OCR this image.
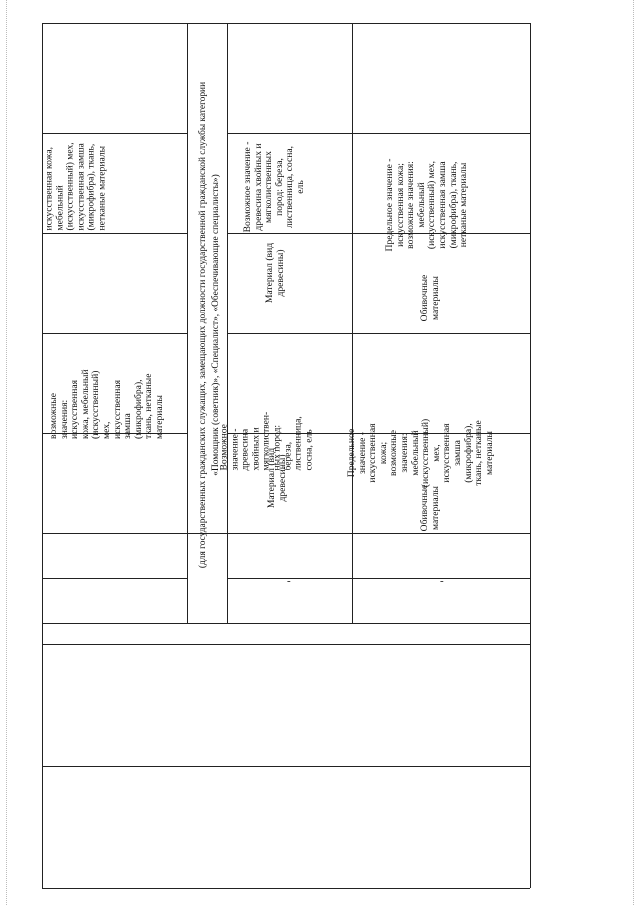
возможные
значения:
искусственная
кожа, мебельный
(искусственный)
мех,
искусственная
замша
(микрофибра),
ткань, нетканые
материалы
искусственная кожа,
мебельный
(искусственный) мех,
искусственная замша
(микрофибра), ткань,
нетканые материалы	(для государственных гражданских служащих, замещающих должности государственной гражданской службы категории «Помощник (советник)», «Специалист», «Обеспечивающие специалисты») Возможное значение -
древесина хвойных и
мягколиственных
пород: береза,
лиственница, сосна,
ель
Материал (вид
древесины)
Возможное
значение -
древесина
хвойных и
мягколиствен-
ных пород:
береза,
лиственница,
сосна, ель
Материал (вид
древесины)
-
Предельное значение -
искусственная кожа;
возможные значения:
мебельный
(искусственный) мех,
искусственная замша
(микрофибра), ткань,
нетканые материалы
Обивочные
материалы
Предельное
значение -
искусственная
кожа;
возможные
значения:
мебельный
(искусственный)
мех,
искусственная
замша
(микрофибра),
ткань, нетканые
материалы
Обивочные
материалы
-
